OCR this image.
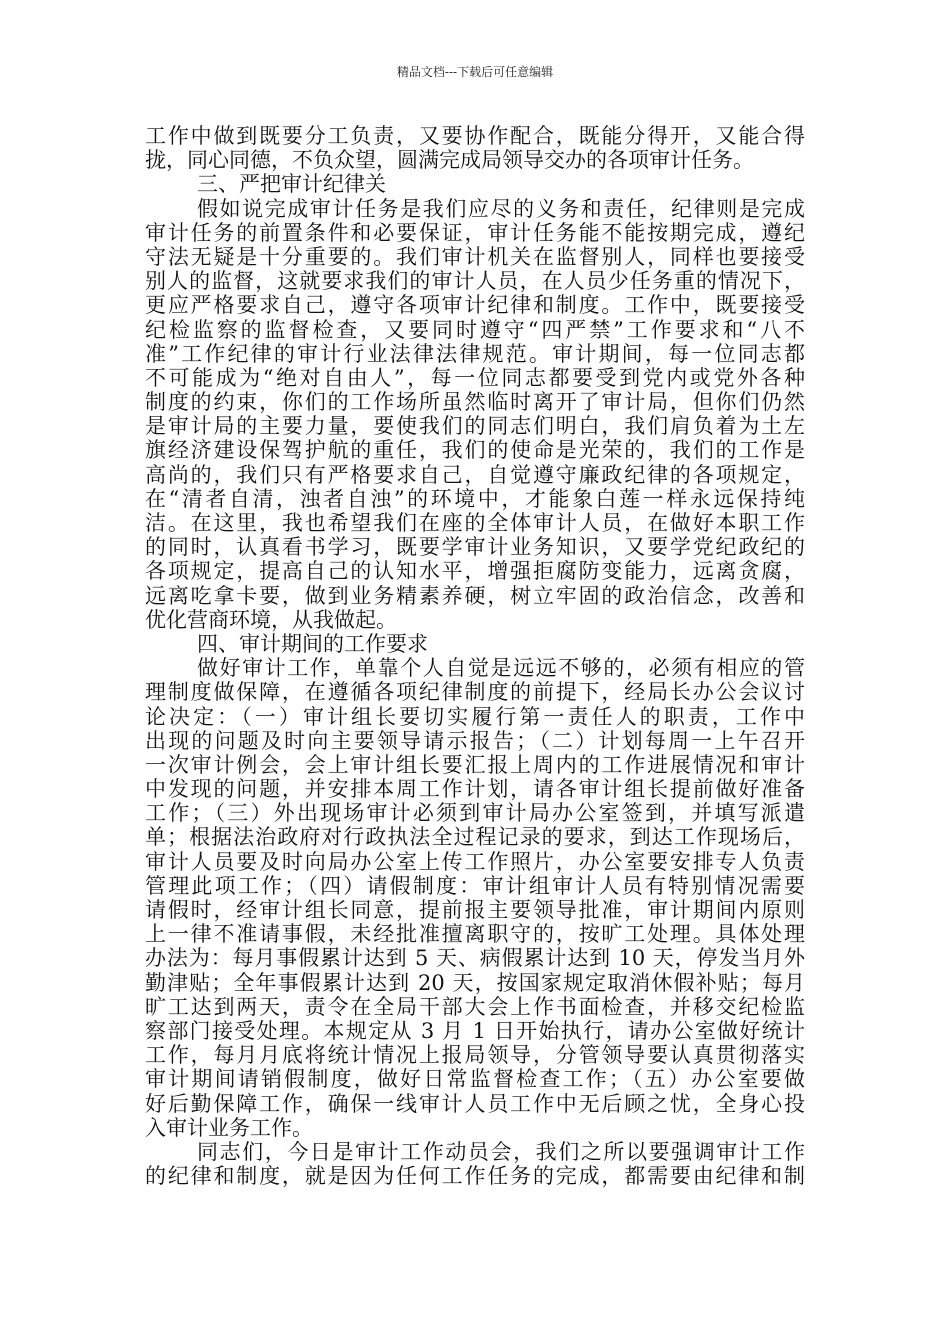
精品文档---下载后可任意编辑
工作中做到既要分工负责，又要协作配合，既能分得开，又能合得
拢，同心同德，不负众望，圆满完成局领导交办的各项审计任务。
三、严把审计纪律关
假如说完成审计任务是我们应尽的义务和责任，纪律则是完成
审计任务的前置条件和必要保证，审计任务能不能按期完成，遵纪
守法无疑是十分重要的。我们审计机关在监督别人，同样也要接受
别人的监督，这就要求我们的审计人员，在人员少任务重的情况下，
更应严格要求自己，遵守各项审计纪律和制度。工作中，既要接受
纪检监察的监督检查，又要同时遵守“四严禁”工作要求和“八不
准”工作纪律的审计行业法律法律规范。审计期间，每一位同志都
不可能成为“绝对自由人”，每一位同志都要受到党内或党外各种
制度的约束，你们的工作场所虽然临时离开了审计局，但你们仍然
是审计局的主要力量，要使我们的同志们明白，我们肩负着为土左
旗经济建设保驾护航的重任，我们的使命是光荣的，我们的工作是
高尚的，我们只有严格要求自己，自觉遵守廉政纪律的各项规定，
在“清者自清，浊者自浊”的环境中，才能象白莲一样永远保持纯
洁。在这里，我也希望我们在座的全体审计人员，在做好本职工作
的同时，认真看书学习，既要学审计业务知识，又要学党纪政纪的
各项规定，提高自己的认知水平，增强拒腐防变能力，远离贪腐，
远离吃拿卡要，做到业务精素养硬，树立牢固的政治信念，改善和
优化营商环境，从我做起。
四、审计期间的工作要求
做好审计工作，单靠个人自觉是远远不够的，必须有相应的管
理制度做保障，在遵循各项纪律制度的前提下，经局长办公会议讨
论决定：（一）审计组长要切实履行第一责任人的职责，工作中
出现的问题及时向主要领导请示报告；（二）计划每周一上午召开
一次审计例会，会上审计组长要汇报上周内的工作进展情况和审计
中发现的问题，并安排本周工作计划，请各审计组长提前做好准备
工作；（三）外出现场审计必须到审计局办公室签到，并填写派遣
单；根据法治政府对行政执法全过程记录的要求，到达工作现场后，
审计人员要及时向局办公室上传工作照片，办公室要安排专人负责
管理此项工作；（四）请假制度：审计组审计人员有特别情况需要
请假时，经审计组长同意，提前报主要领导批准，审计期间内原则
上一律不准请事假，未经批准擅离职守的，按旷工处理。具体处理
办法为：每月事假累计达到 5 天、病假累计达到 10 天，停发当月外
勤津贴；全年事假累计达到 20 天，按国家规定取消休假补贴；每月
旷工达到两天，责令在全局干部大会上作书面检查，并移交纪检监
察部门接受处理。本规定从 3 月 1 日开始执行，请办公室做好统计
工作，每月月底将统计情况上报局领导，分管领导要认真贯彻落实
审计期间请销假制度，做好日常监督检查工作；（五）办公室要做
好后勤保障工作，确保一线审计人员工作中无后顾之忧，全身心投
入审计业务工作。
同志们，今日是审计工作动员会，我们之所以要强调审计工作
的纪律和制度，就是因为任何工作任务的完成，都需要由纪律和制
